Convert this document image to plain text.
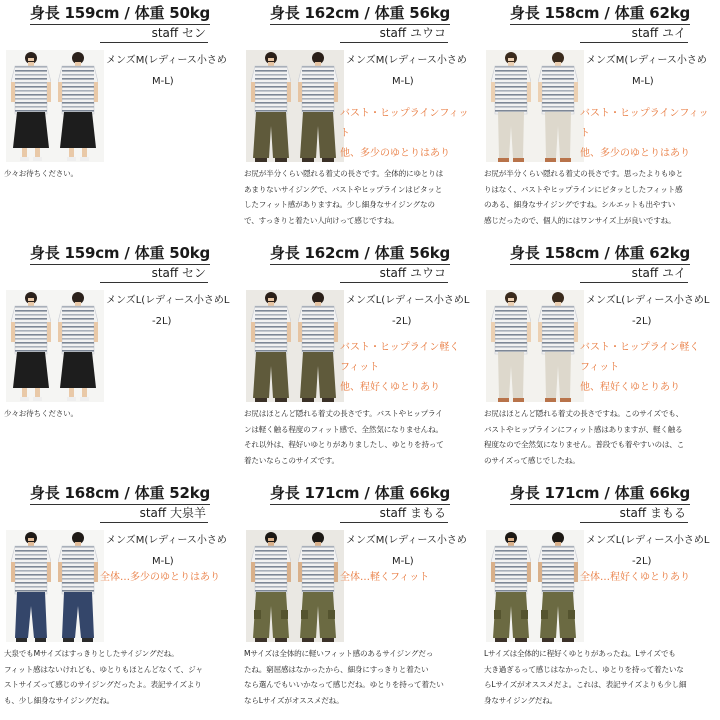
身長 159cm / 体重 50kg
staff セン
メンズM(レディース小さめ
M-L)
少々お待ちください。
身長 162cm / 体重 56kg
staff ユウコ
メンズM(レディース小さめ
M-L)
バスト・ヒップラインフィット
他、多少のゆとりはあり
お尻が半分くらい隠れる着丈の長さです。全体的にゆとりは
あまりないサイジングで、バストやヒップラインはピタッと
したフィット感がありますね。少し細身なサイジングなの
で、すっきりと着たい人向けって感じですね。
身長 158cm / 体重 62kg
staff ユイ
メンズM(レディース小さめ
M-L)
バスト・ヒップラインフィット
他、多少のゆとりはあり
お尻が半分くらい隠れる着丈の長さです。思ったよりもゆと
りはなく、バストやヒップラインにピタッとしたフィット感
のある、細身なサイジングですね。シルエットも出やすい
感じだったので、個人的にはワンサイズ上が良いですね。
身長 159cm / 体重 50kg
staff セン
メンズL(レディース小さめL
-2L)
少々お待ちください。
身長 162cm / 体重 56kg
staff ユウコ
メンズL(レディース小さめL
-2L)
バスト・ヒップライン軽く
フィット
他、程好くゆとりあり
お尻はほとんど隠れる着丈の長さです。バストやヒップライ
ンは軽く触る程度のフィット感で、全然気になりませんね。
それ以外は、程好いゆとりがありましたし、ゆとりを持って
着たいならこのサイズです。
身長 158cm / 体重 62kg
staff ユイ
メンズL(レディース小さめL
-2L)
バスト・ヒップライン軽く
フィット
他、程好くゆとりあり
お尻はほとんど隠れる着丈の長さですね。このサイズでも、
バストやヒップラインにフィット感はありますが、軽く触る
程度なので全然気になりません。普段でも着やすいのは、こ
のサイズって感じでしたね。
身長 168cm / 体重 52kg
staff 大泉羊
メンズM(レディース小さめ
M-L)
全体…多少のゆとりはあり
大泉でもMサイズはすっきりとしたサイジングだね。
フィット感はないけれども、ゆとりもほとんどなくて、ジャ
ストサイズって感じのサイジングだったよ。表記サイズより
も、少し細身なサイジングだね。
身長 171cm / 体重 66kg
staff まもる
メンズM(レディース小さめ
M-L)
全体…軽くフィット
Mサイズは全体的に軽いフィット感のあるサイジングだっ
たね。窮屈感はなかったから、細身にすっきりと着たい
なら選んでもいいかなって感じだね。ゆとりを持って着たい
ならLサイズがオススメだね。
身長 171cm / 体重 66kg
staff まもる
メンズL(レディース小さめL
-2L)
全体…程好くゆとりあり
Lサイズは全体的に程好くゆとりがあったね。Lサイズでも
大き過ぎるって感じはなかったし、ゆとりを持って着たいな
らLサイズがオススメだよ。これは、表記サイズよりも少し細
身なサイジングだね。
